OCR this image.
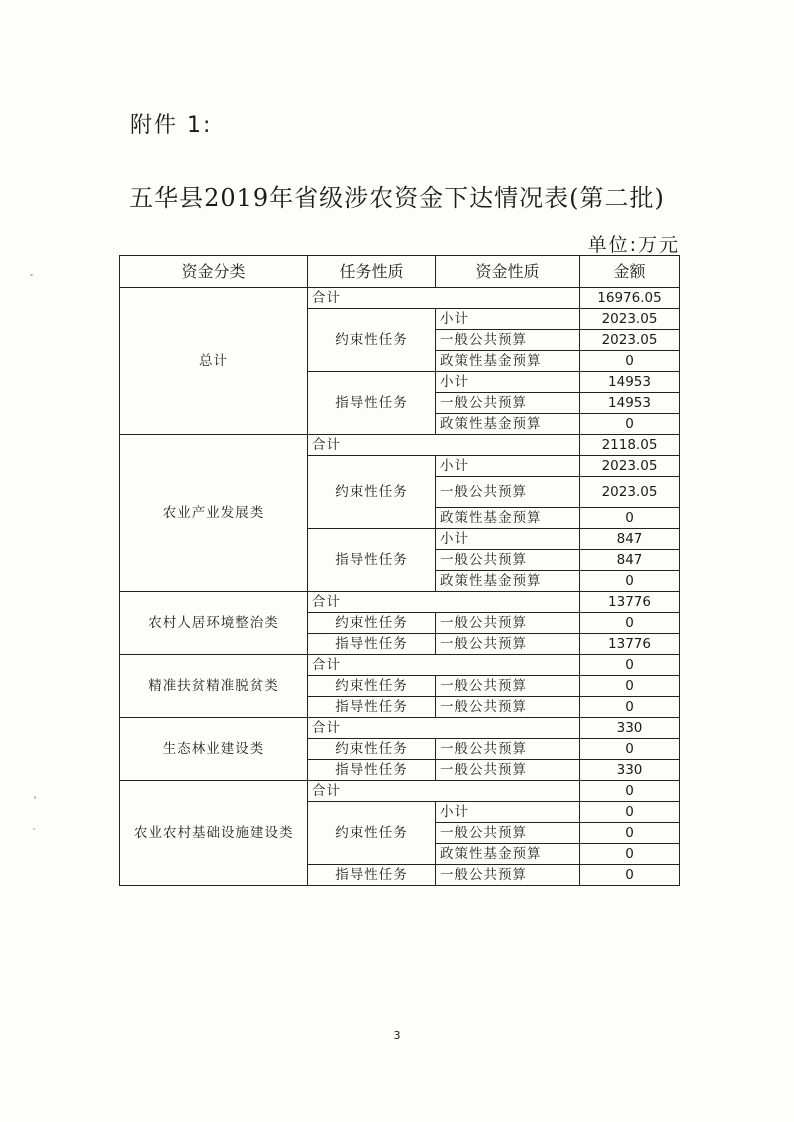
附件 1:
五华县2019年省级涉农资金下达情况表(第二批)
单位:万元
资金分类	任务性质	资金性质	金额
总计	合计		16976.05
	约束性任务	小计	2023.05
		一般公共预算	2023.05
		政策性基金预算	0
	指导性任务	小计	14953
		一般公共预算	14953
		政策性基金预算	0
农业产业发展类	合计		2118.05
	约束性任务	小计	2023.05
		一般公共预算	2023.05
		政策性基金预算	0
	指导性任务	小计	847
		一般公共预算	847
		政策性基金预算	0
农村人居环境整治类	合计		13776
	约束性任务	一般公共预算	0
	指导性任务	一般公共预算	13776
精准扶贫精准脱贫类	合计		0
	约束性任务	一般公共预算	0
	指导性任务	一般公共预算	0
生态林业建设类	合计		330
	约束性任务	一般公共预算	0
	指导性任务	一般公共预算	330
农业农村基础设施建设类	合计		0
	约束性任务	小计	0
		一般公共预算	0
		政策性基金预算	0
	指导性任务	一般公共预算	0
3
